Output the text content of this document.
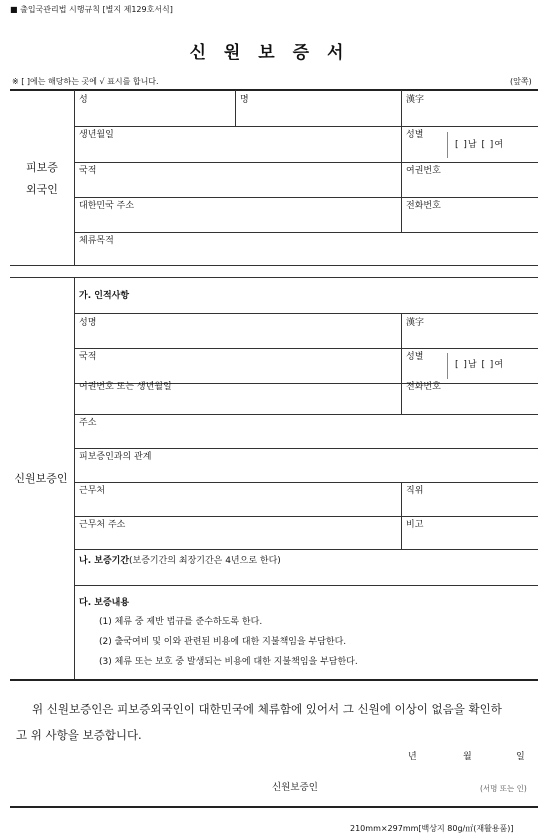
■ 출입국관리법 시행규칙 [별지 제129호서식]
신 원 보 증 서
※ [ ]에는 해당하는 곳에 √ 표시를 합니다.	(앞쪽)
피보증
외국인
성	명	漢字
생년월일	성별
[ ]남 [ ]여
국적	여권번호
대한민국 주소	전화번호
체류목적
신원보증인
가. 인적사항
성명	漢字
국적	성별
[ ]남 [ ]여
여권번호 또는 생년월일	전화번호
주소
피보증인과의 관계
근무처	직위
근무처 주소	비고
나. 보증기간(보증기간의 최장기간은 4년으로 한다)
다. 보증내용
(1) 체류 중 제반 법규를 준수하도록 한다.
(2) 출국여비 및 이와 관련된 비용에 대한 지불책임을 부담한다.
(3) 체류 또는 보호 중 발생되는 비용에 대한 지불책임을 부담한다.
위 신원보증인은 피보증외국인이 대한민국에 체류함에 있어서 그 신원에 이상이 없음을 확인하
고 위 사항을 보증합니다.
년	월	일
신원보증인	(서명 또는 인)
210mm×297mm[백상지 80g/㎡(재활용품)]
